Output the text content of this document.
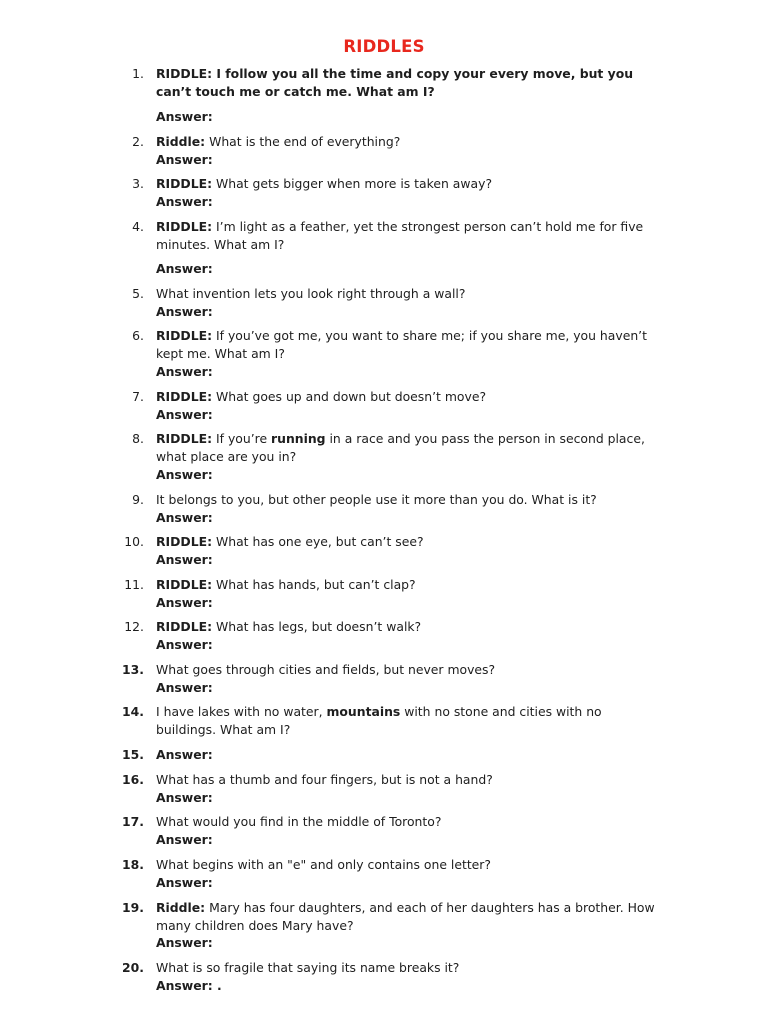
RIDDLES
1. RIDDLE: I follow you all the time and copy your every move, but you can’t touch me or catch me. What am I?
Answer:
2. Riddle: What is the end of everything?
Answer:
3. RIDDLE: What gets bigger when more is taken away?
Answer:
4. RIDDLE: I’m light as a feather, yet the strongest person can’t hold me for five minutes. What am I?
Answer:
5. What invention lets you look right through a wall?
Answer:
6. RIDDLE: If you’ve got me, you want to share me; if you share me, you haven’t kept me. What am I?
Answer:
7. RIDDLE: What goes up and down but doesn’t move?
Answer:
8. RIDDLE: If you’re running in a race and you pass the person in second place, what place are you in?
Answer:
9. It belongs to you, but other people use it more than you do. What is it?
Answer:
10. RIDDLE: What has one eye, but can’t see?
Answer:
11. RIDDLE: What has hands, but can’t clap?
Answer:
12. RIDDLE: What has legs, but doesn’t walk?
Answer:
13. What goes through cities and fields, but never moves?
Answer:
14. I have lakes with no water, mountains with no stone and cities with no buildings. What am I?
15. Answer:
16. What has a thumb and four fingers, but is not a hand?
Answer:
17. What would you find in the middle of Toronto?
Answer:
18. What begins with an "e" and only contains one letter?
Answer:
19. Riddle: Mary has four daughters, and each of her daughters has a brother. How many children does Mary have?
Answer:
20. What is so fragile that saying its name breaks it?
Answer: .
